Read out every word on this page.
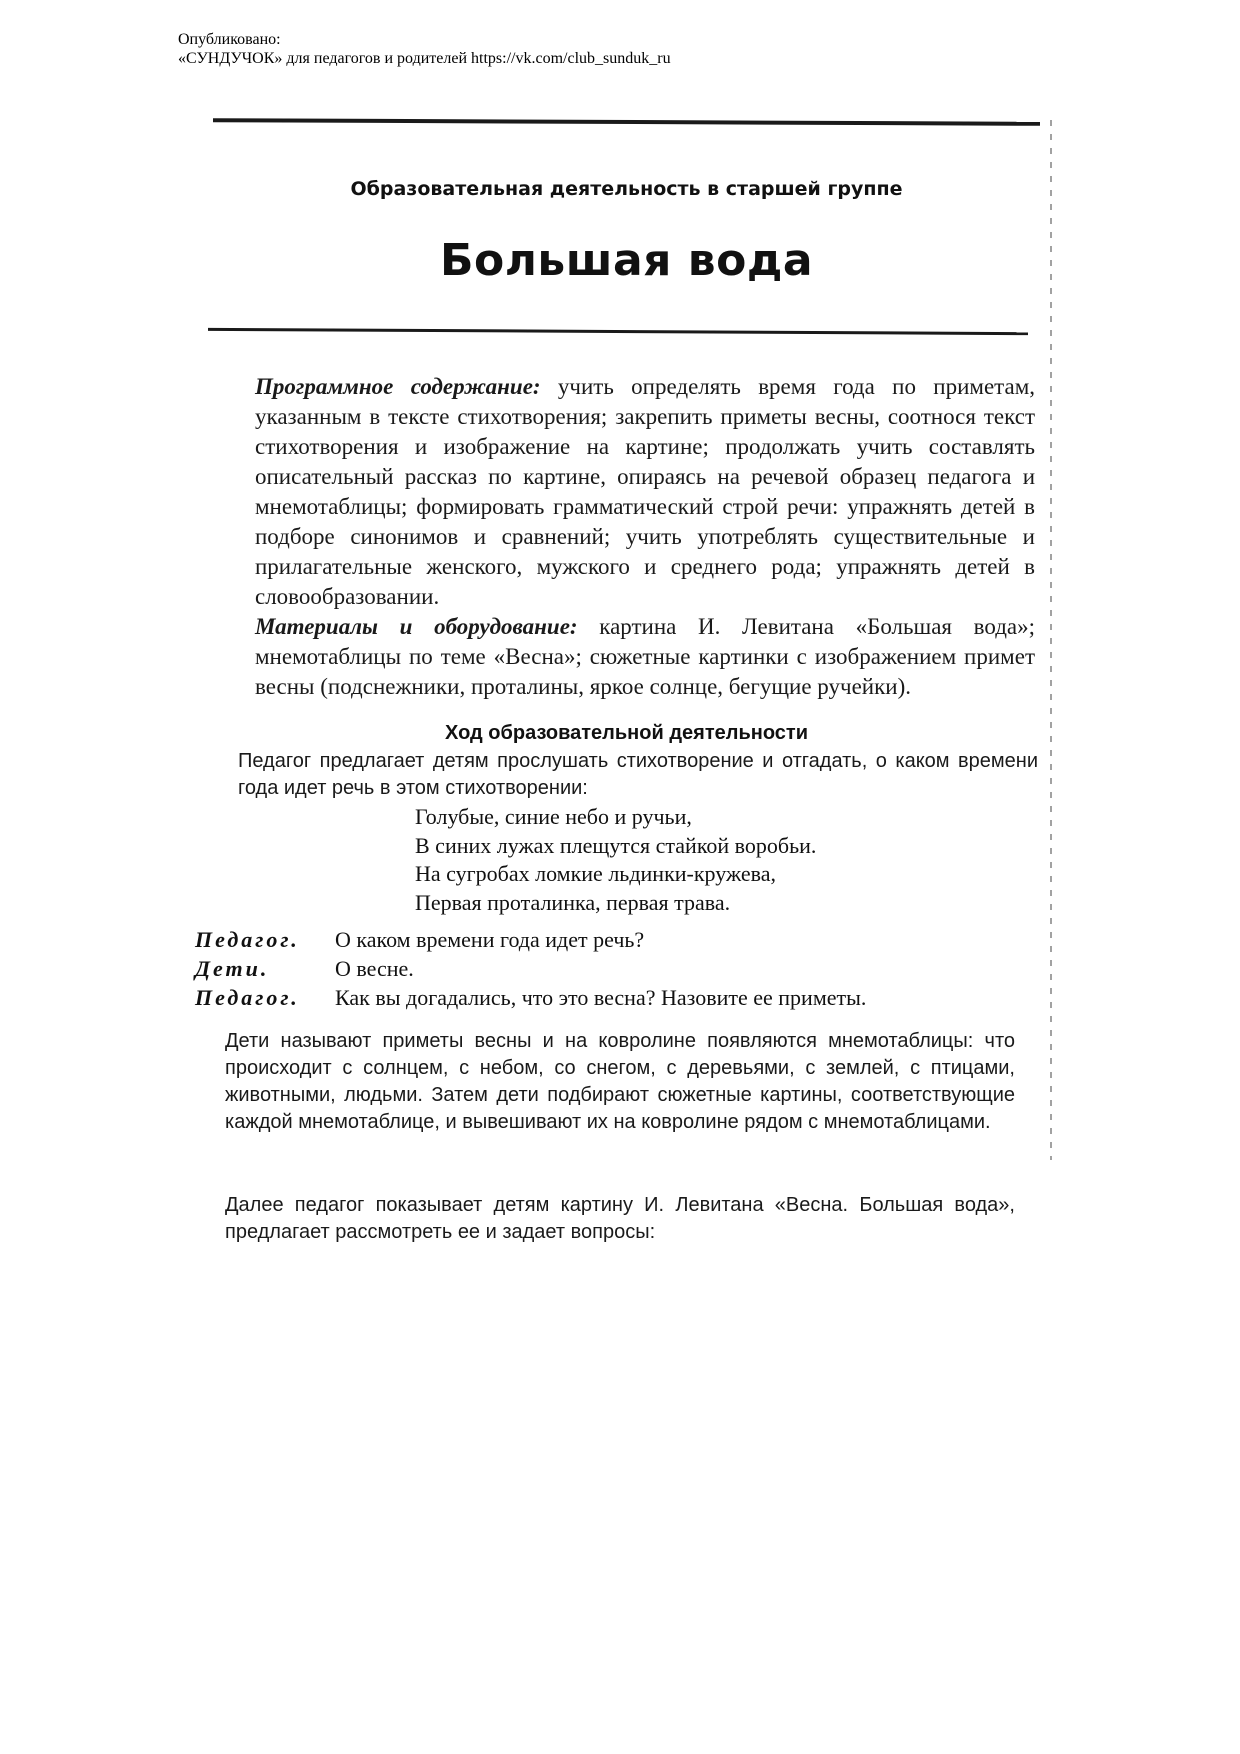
Опубликовано:
«СУНДУЧОК» для педагогов и родителей https://vk.com/club_sunduk_ru
Образовательная деятельность в старшей группе
Большая вода
Программное содержание: учить определять время года по приметам, указанным в тексте стихотворения; закрепить приметы весны, соотнося текст стихотворения и изображение на картине; продолжать учить составлять описательный рассказ по картине, опираясь на речевой образец педагога и мнемотаблицы; формировать грамматический строй речи: упражнять детей в подборе синонимов и сравнений; учить употреблять существительные и прилагательные женского, мужского и среднего рода; упражнять детей в словообразовании.
Материалы и оборудование: картина И. Левитана «Большая вода»; мнемотаблицы по теме «Весна»; сюжетные картинки с изображением примет весны (подснежники, проталины, яркое солнце, бегущие ручейки).
Ход образовательной деятельности
Педагог предлагает детям прослушать стихотворение и отгадать, о каком времени года идет речь в этом стихотворении:
Голубые, синие небо и ручьи,
В синих лужах плещутся стайкой воробьи.
На сугробах ломкие льдинки-кружева,
Первая проталинка, первая трава.
Педагог.	О каком времени года идет речь?
Дети.	О весне.
Педагог.	Как вы догадались, что это весна? Назовите ее приметы.
Дети называют приметы весны и на ковролине появляются мнемотаблицы: что происходит с солнцем, с небом, со снегом, с деревьями, с землей, с птицами, животными, людьми. Затем дети подбирают сюжетные картины, соответствующие каждой мнемотаблице, и вывешивают их на ковролине рядом с мнемотаблицами.
Далее педагог показывает детям картину И. Левитана «Весна. Большая вода», предлагает рассмотреть ее и задает вопросы:
